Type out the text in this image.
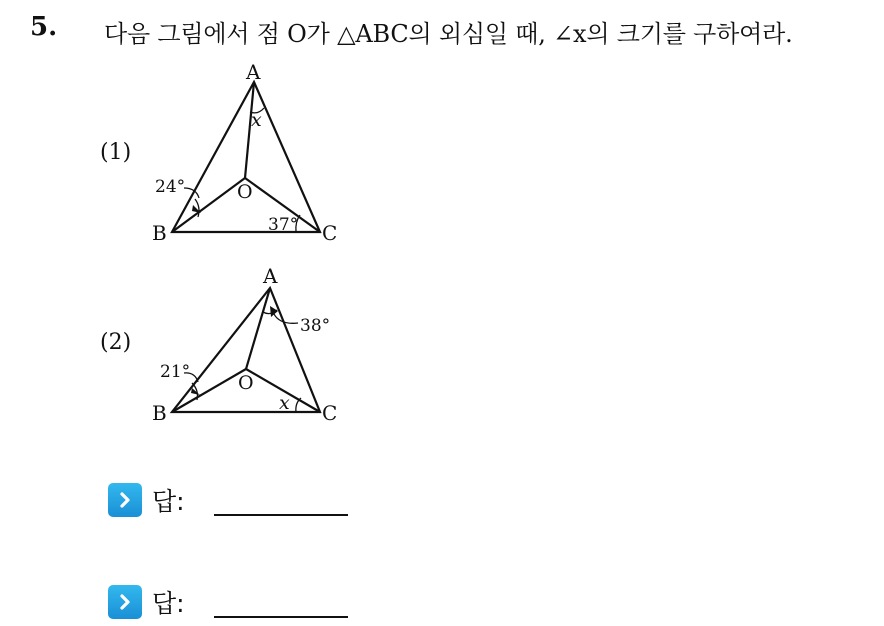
5. 다음 그림에서 점 O가 △ABC의 외심일 때, ∠x의 크기를 구하여라.
(1)
A
B	C
O
x
24°
37°
(2)
A
B	C
O
38°
21°
x
답:
답:
